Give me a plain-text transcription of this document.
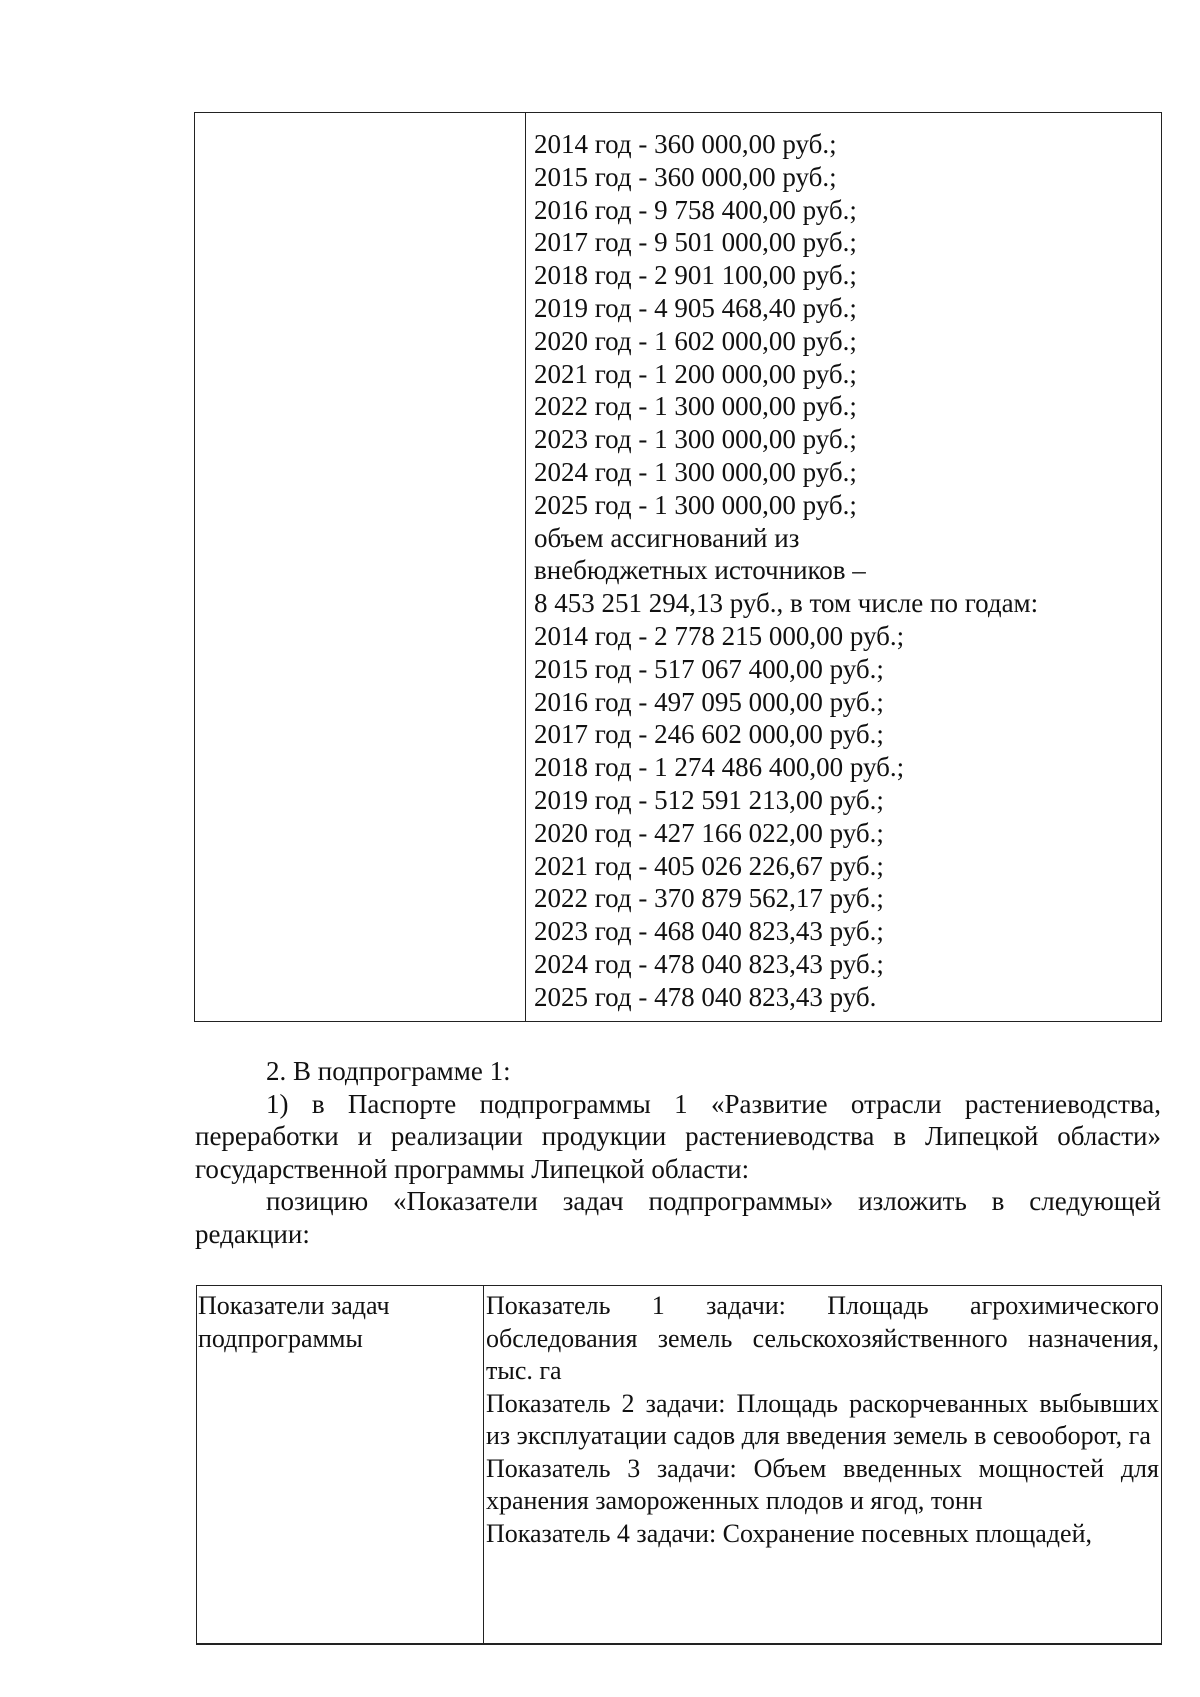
2014 год - 360 000,00 руб.;
2015 год - 360 000,00 руб.;
2016 год - 9 758 400,00 руб.;
2017 год - 9 501 000,00 руб.;
2018 год - 2 901 100,00 руб.;
2019 год - 4 905 468,40 руб.;
2020 год - 1 602 000,00 руб.;
2021 год - 1 200 000,00 руб.;
2022 год - 1 300 000,00 руб.;
2023 год - 1 300 000,00 руб.;
2024 год - 1 300 000,00 руб.;
2025 год - 1 300 000,00 руб.;
объем ассигнований из
внебюджетных источников –
8 453 251 294,13 руб., в том числе по годам:
2014 год - 2 778 215 000,00 руб.;
2015 год - 517 067 400,00 руб.;
2016 год - 497 095 000,00 руб.;
2017 год - 246 602 000,00 руб.;
2018 год - 1 274 486 400,00 руб.;
2019 год - 512 591 213,00 руб.;
2020 год - 427 166 022,00 руб.;
2021 год - 405 026 226,67 руб.;
2022 год - 370 879 562,17 руб.;
2023 год - 468 040 823,43 руб.;
2024 год - 478 040 823,43 руб.;
2025 год - 478 040 823,43 руб.

2. В подпрограмме 1:

1) в Паспорте подпрограммы 1 «Развитие отрасли растениеводства, переработки и реализации продукции растениеводства в Липецкой области» государственной программы Липецкой области:

позицию «Показатели задач подпрограммы» изложить в следующей редакции:

Показатели задач подпрограммы

Показатель 1 задачи: Площадь агрохимического обследования земель сельскохозяйственного назначения, тыс. га

Показатель 2 задачи: Площадь раскорчеванных выбывших из эксплуатации садов для введения земель в севооборот, га

Показатель 3 задачи: Объем введенных мощностей для хранения замороженных плодов и ягод, тонн

Показатель 4 задачи: Сохранение посевных площадей,
